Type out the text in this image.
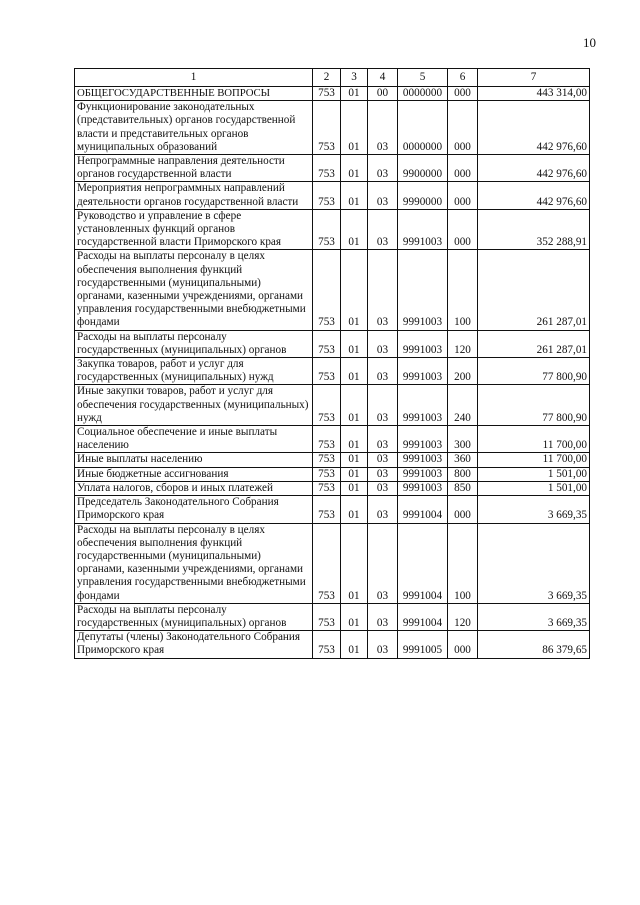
10
1	2	3	4	5	6	7
ОБЩЕГОСУДАРСТВЕННЫЕ ВОПРОСЫ	753	01	00	0000000	000	443 314,00
Функционирование законодательных (представительных) органов государственной власти и представительных органов муниципальных образований	753	01	03	0000000	000	442 976,60
Непрограммные направления деятельности органов государственной власти	753	01	03	9900000	000	442 976,60
Мероприятия непрограммных направлений деятельности органов государственной власти	753	01	03	9990000	000	442 976,60
Руководство и управление в сфере установленных функций органов государственной власти Приморского края	753	01	03	9991003	000	352 288,91
Расходы на выплаты персоналу в целях обеспечения выполнения функций государственными (муниципальными) органами, казенными учреждениями, органами управления государственными внебюджетными фондами	753	01	03	9991003	100	261 287,01
Расходы на выплаты персоналу государственных (муниципальных) органов	753	01	03	9991003	120	261 287,01
Закупка товаров, работ и услуг для государственных (муниципальных) нужд	753	01	03	9991003	200	77 800,90
Иные закупки товаров, работ и услуг для обеспечения государственных (муниципальных) нужд	753	01	03	9991003	240	77 800,90
Социальное обеспечение и иные выплаты населению	753	01	03	9991003	300	11 700,00
Иные выплаты населению	753	01	03	9991003	360	11 700,00
Иные бюджетные ассигнования	753	01	03	9991003	800	1 501,00
Уплата налогов, сборов и иных платежей	753	01	03	9991003	850	1 501,00
Председатель Законодательного Собрания Приморского края	753	01	03	9991004	000	3 669,35
Расходы на выплаты персоналу в целях обеспечения выполнения функций государственными (муниципальными) органами, казенными учреждениями, органами управления государственными внебюджетными фондами	753	01	03	9991004	100	3 669,35
Расходы на выплаты персоналу государственных (муниципальных) органов	753	01	03	9991004	120	3 669,35
Депутаты (члены) Законодательного Собрания Приморского края	753	01	03	9991005	000	86 379,65
